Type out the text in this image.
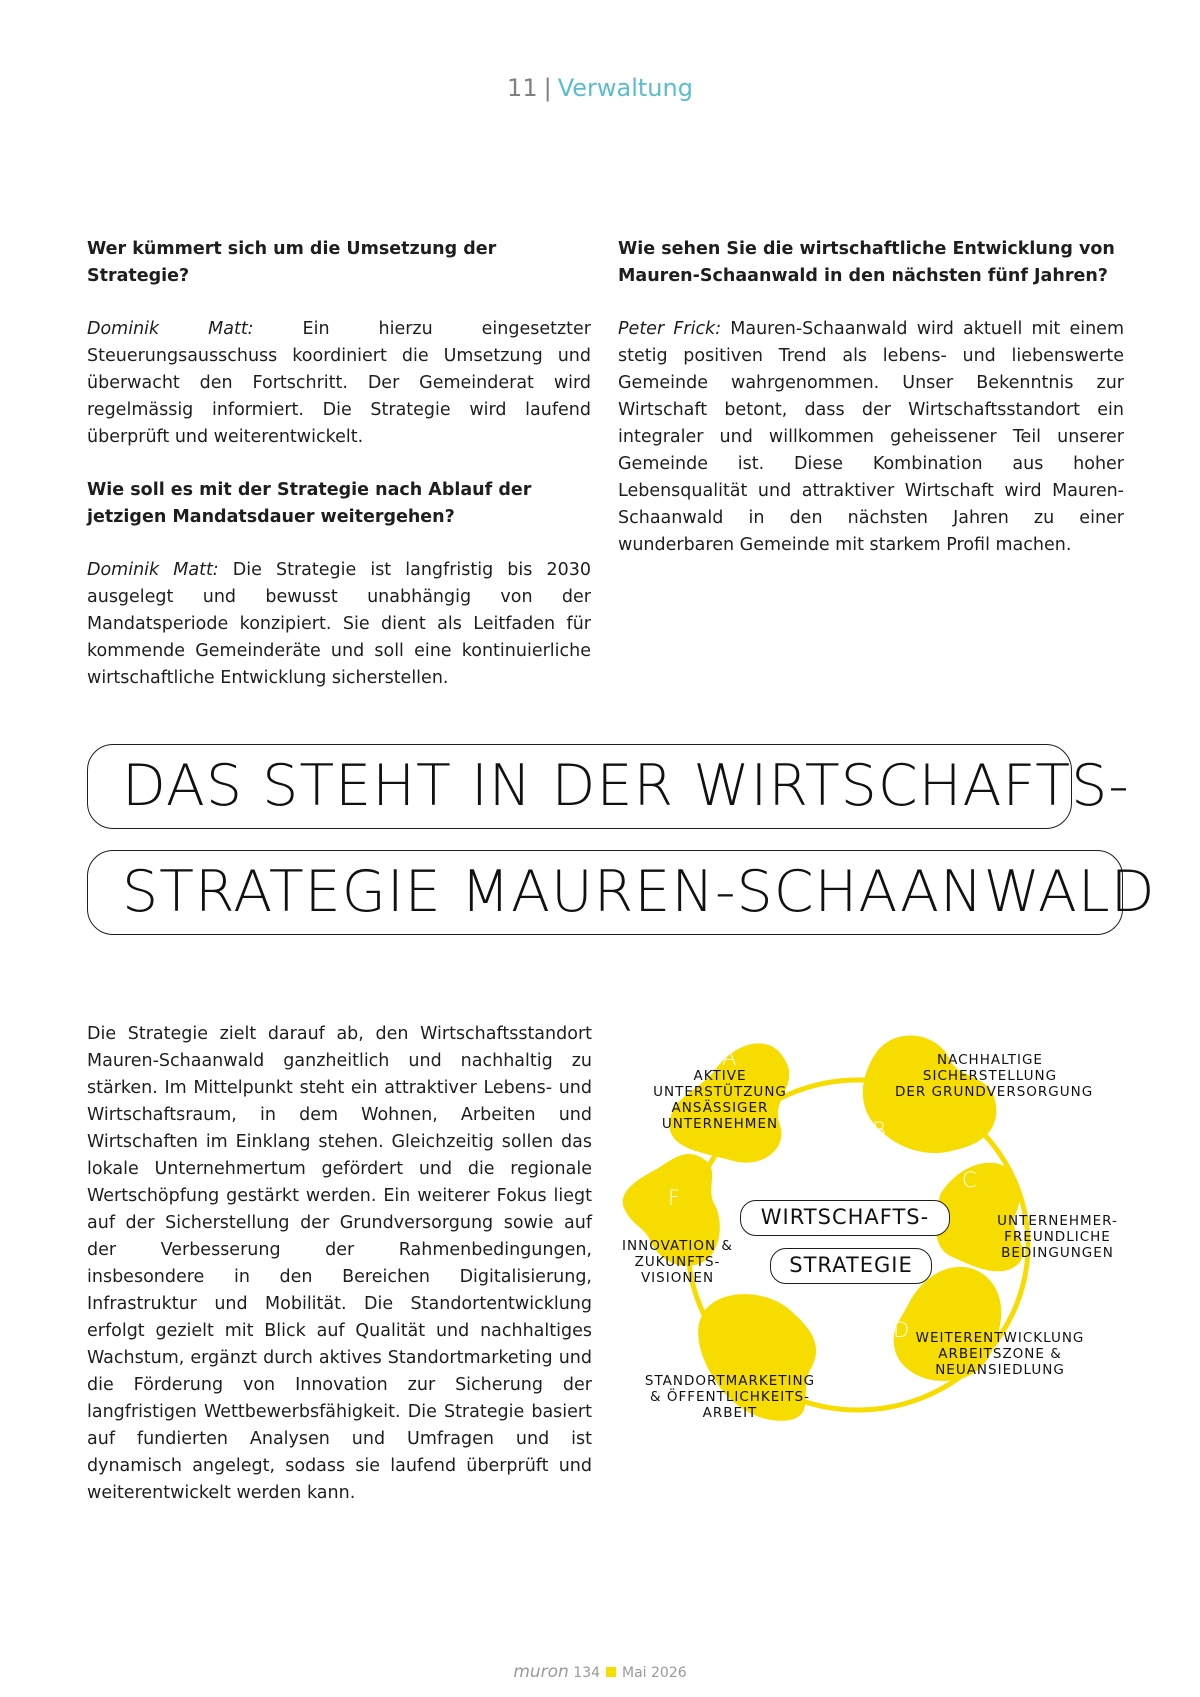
11 | Verwaltung

Wer kümmert sich um die Umsetzung der Strategie?

Dominik Matt: Ein hierzu eingesetzter Steuerungsausschuss koordiniert die Umsetzung und überwacht den Fortschritt. Der Gemeinderat wird regelmässig informiert. Die Strategie wird laufend überprüft und weiterentwickelt.

Wie soll es mit der Strategie nach Ablauf der jetzigen Mandatsdauer weitergehen?

Dominik Matt: Die Strategie ist langfristig bis 2030 ausgelegt und bewusst unabhängig von der Mandatsperiode konzipiert. Sie dient als Leitfaden für kommende Gemeinderäte und soll eine kontinuierliche wirtschaftliche Entwicklung sicherstellen.

Wie sehen Sie die wirtschaftliche Entwicklung von Mauren-Schaanwald in den nächsten fünf Jahren?

Peter Frick: Mauren-Schaanwald wird aktuell mit einem stetig positiven Trend als lebens- und liebenswerte Gemeinde wahrgenommen. Unser Bekenntnis zur Wirtschaft betont, dass der Wirtschaftsstandort ein integraler und willkommen geheissener Teil unserer Gemeinde ist. Diese Kombination aus hoher Lebensqualität und attraktiver Wirtschaft wird Mauren-Schaanwald in den nächsten Jahren zu einer wunderbaren Gemeinde mit starkem Profil machen.

DAS STEHT IN DER WIRTSCHAFTS-
STRATEGIE MAUREN-SCHAANWALD
Die Strategie zielt darauf ab, den Wirtschaftsstandort Mauren-Schaanwald ganzheitlich und nachhaltig zu stärken. Im Mittelpunkt steht ein attraktiver Lebens- und Wirtschaftsraum, in dem Wohnen, Arbeiten und Wirtschaften im Einklang stehen. Gleichzeitig sollen das lokale Unternehmertum gefördert und die regionale Wertschöpfung gestärkt werden. Ein weiterer Fokus liegt auf der Sicherstellung der Grundversorgung sowie auf der Verbesserung der Rahmenbedingungen, insbesondere in den Bereichen Digitalisierung, Infrastruktur und Mobilität. Die Standortentwicklung erfolgt gezielt mit Blick auf Qualität und nachhaltiges Wachstum, ergänzt durch aktives Standortmarketing und die Förderung von Innovation zur Sicherung der langfristigen Wettbewerbsfähigkeit. Die Strategie basiert auf fundierten Analysen und Umfragen und ist dynamisch angelegt, sodass sie laufend überprüft und weiterentwickelt werden kann.
A
B
C
D
E
F
AKTIVE
UNTERSTÜTZUNG
ANSÄSSIGER
UNTERNEHMEN
NACHHALTIGE
SICHERSTELLUNG
DER GRUNDVERSORGUNG
UNTERNEHMER-
FREUNDLICHE
BEDINGUNGEN
WEITERENTWICKLUNG
ARBEITSZONE &
NEUANSIEDLUNG
STANDORTMARKETING
& ÖFFENTLICHKEITS-
ARBEIT
INNOVATION &
ZUKUNFTS-
VISIONEN
WIRTSCHAFTS-
STRATEGIE
muron 134 Mai 2026
